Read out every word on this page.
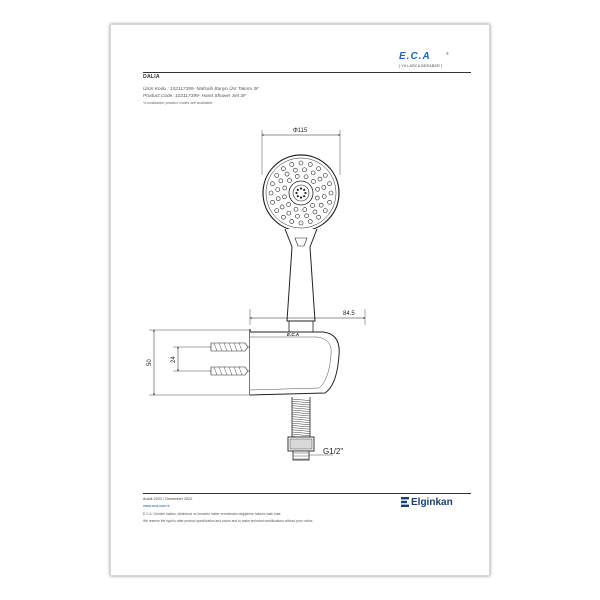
E.C.A	®
[ YILLARCA BERABER ]
DALIA
Ürün Kodu : 102117399- Mafsallı Banyo Üst Takımı 3F
Product Code: 102117399- Hand Shower Set 3F
*Localization product codes are available.
Φ115
84.5
E.C.A
50	24
G1/2"
Aralık 2022 / December 2022
www.eca.com.tr
E.C.A. Ürünleri hakları, bildirimsiz ve önceden haber vermeksizin değiştirme hakkını saklı tutar.
We reserve the right to alter product specification and colors and to make technical modifications without prior notice.
Elginkan
